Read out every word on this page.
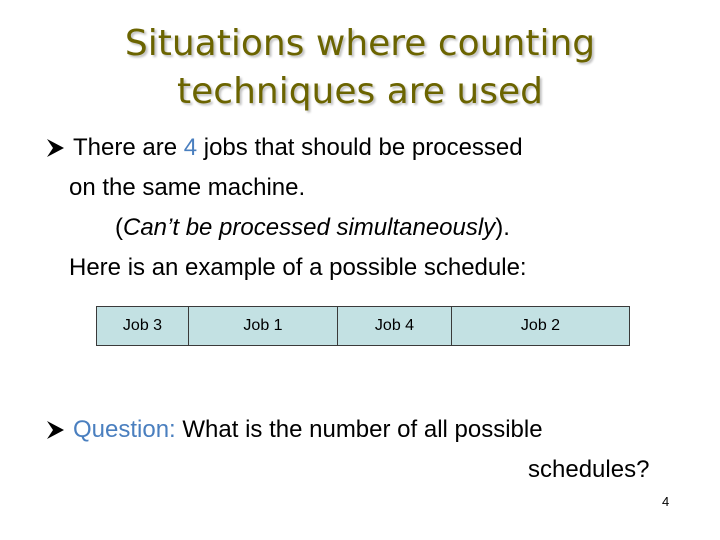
Situations where counting
techniques are used
There are 4 jobs that should be processed
on the same machine.
(Can’t be processed simultaneously).
Here is an example of a possible schedule:
Job 3	Job 1	Job 4	Job 2
Question: What is the number of all possible
schedules?
4
